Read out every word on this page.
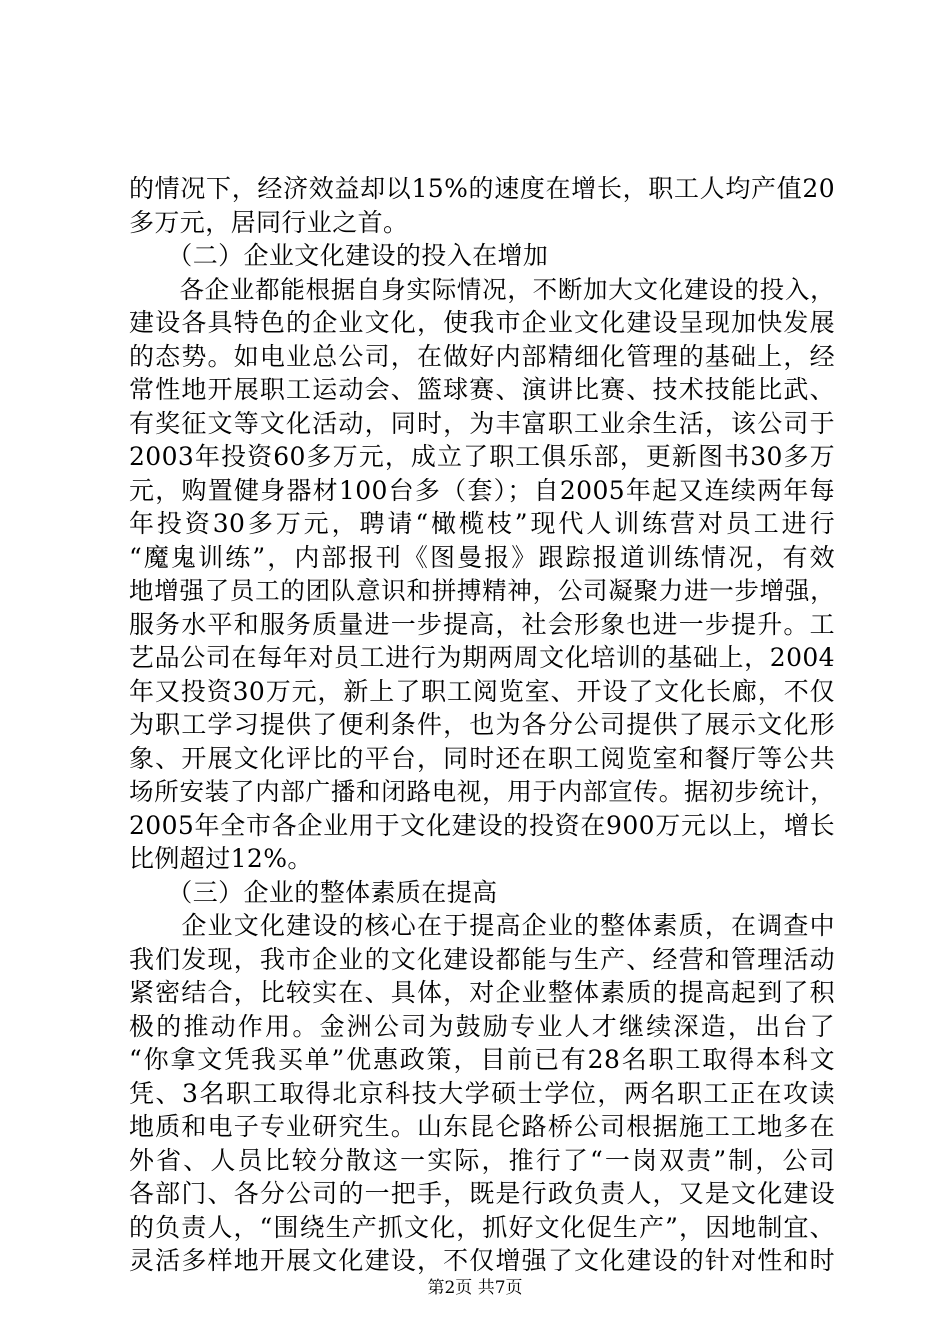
的情况下，经济效益却以15%的速度在增长，职工人均产值20
多万元，居同行业之首。
　　（二）企业文化建设的投入在增加
　　各企业都能根据自身实际情况，不断加大文化建设的投入，
建设各具特色的企业文化，使我市企业文化建设呈现加快发展
的态势。如电业总公司，在做好内部精细化管理的基础上，经
常性地开展职工运动会、篮球赛、演讲比赛、技术技能比武、
有奖征文等文化活动，同时，为丰富职工业余生活，该公司于
2003年投资60多万元，成立了职工俱乐部，更新图书30多万
元，购置健身器材100台多（套）；自2005年起又连续两年每
年投资30多万元，聘请“橄榄枝”现代人训练营对员工进行
“魔鬼训练”，内部报刊《图曼报》跟踪报道训练情况，有效
地增强了员工的团队意识和拼搏精神，公司凝聚力进一步增强，
服务水平和服务质量进一步提高，社会形象也进一步提升。工
艺品公司在每年对员工进行为期两周文化培训的基础上，2004
年又投资30万元，新上了职工阅览室、开设了文化长廊，不仅
为职工学习提供了便利条件，也为各分公司提供了展示文化形
象、开展文化评比的平台，同时还在职工阅览室和餐厅等公共
场所安装了内部广播和闭路电视，用于内部宣传。据初步统计，
2005年全市各企业用于文化建设的投资在900万元以上，增长
比例超过12%。
　　（三）企业的整体素质在提高
　　企业文化建设的核心在于提高企业的整体素质，在调查中
我们发现，我市企业的文化建设都能与生产、经营和管理活动
紧密结合，比较实在、具体，对企业整体素质的提高起到了积
极的推动作用。金洲公司为鼓励专业人才继续深造，出台了
“你拿文凭我买单”优惠政策，目前已有28名职工取得本科文
凭、3名职工取得北京科技大学硕士学位，两名职工正在攻读
地质和电子专业研究生。山东昆仑路桥公司根据施工工地多在
外省、人员比较分散这一实际，推行了“一岗双责”制，公司
各部门、各分公司的一把手，既是行政负责人，又是文化建设
的负责人，“围绕生产抓文化，抓好文化促生产”，因地制宜、
灵活多样地开展文化建设，不仅增强了文化建设的针对性和时
第2页 共7页
